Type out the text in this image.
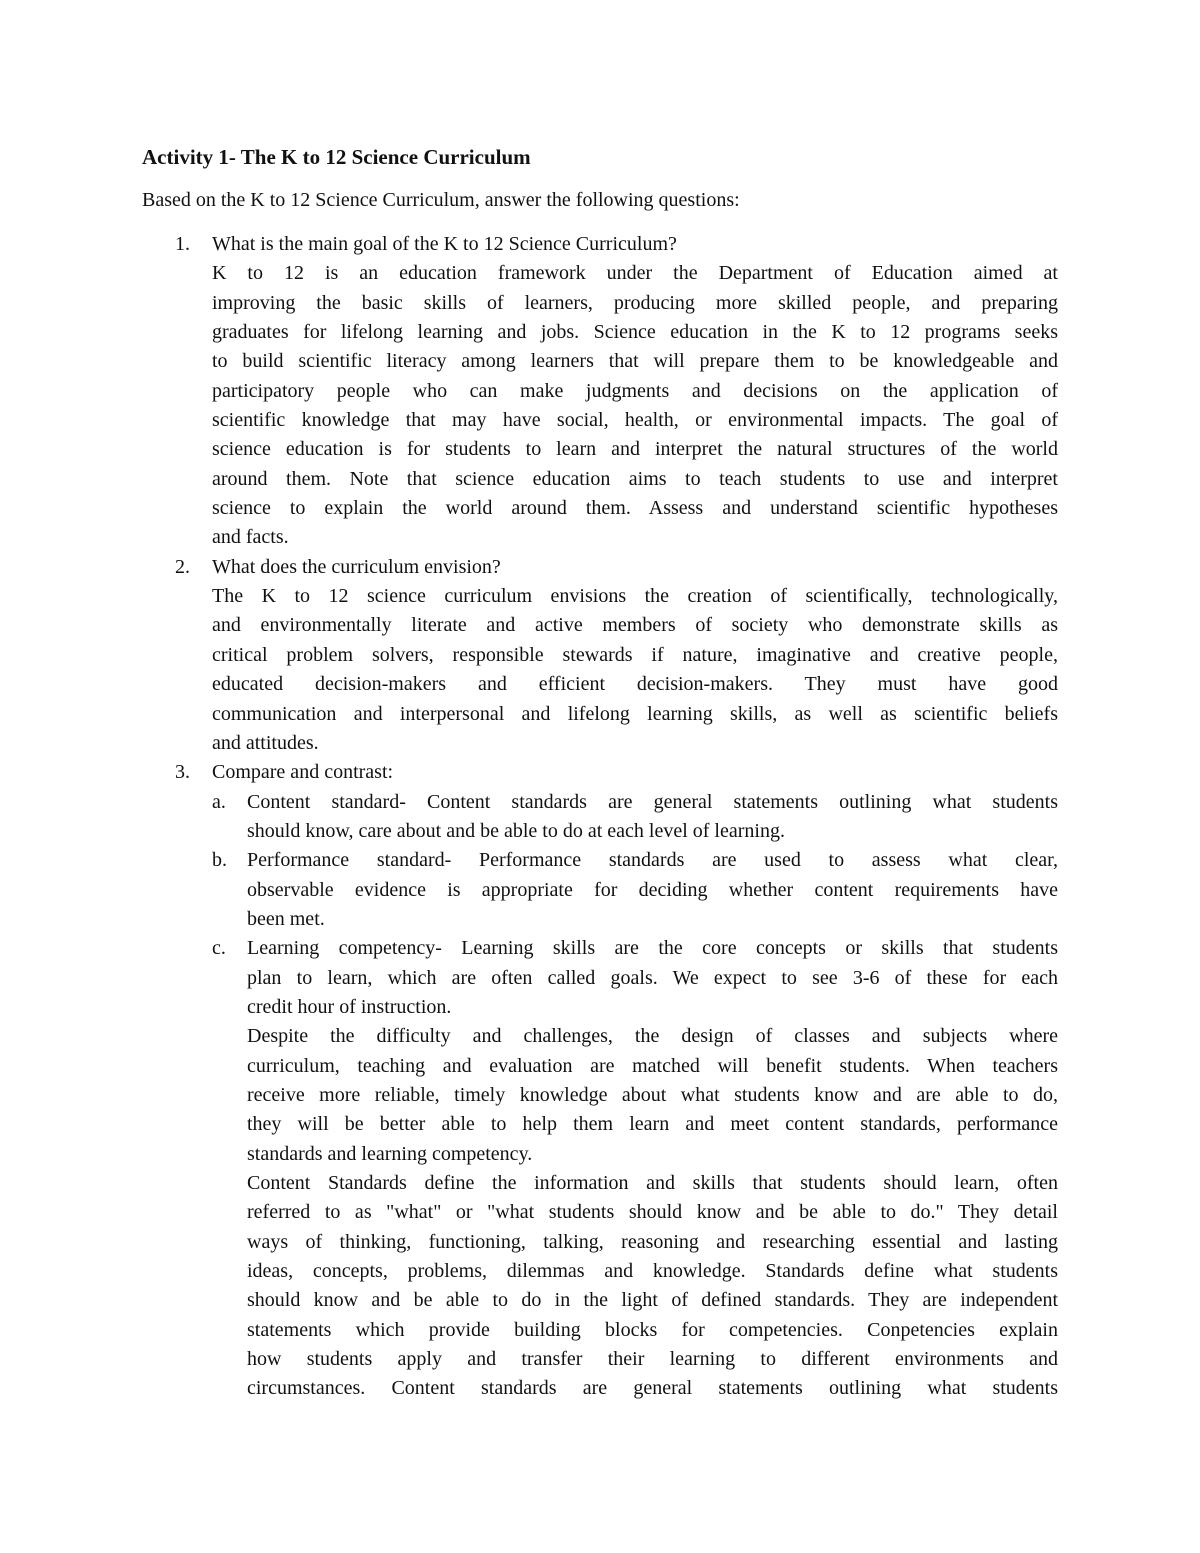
Activity 1- The K to 12 Science Curriculum
Based on the K to 12 Science Curriculum, answer the following questions:
1. What is the main goal of the K to 12 Science Curriculum?
K to 12 is an education framework under the Department of Education aimed at
improving the basic skills of learners, producing more skilled people, and preparing
graduates for lifelong learning and jobs. Science education in the K to 12 programs seeks
to build scientific literacy among learners that will prepare them to be knowledgeable and
participatory people who can make judgments and decisions on the application of
scientific knowledge that may have social, health, or environmental impacts. The goal of
science education is for students to learn and interpret the natural structures of the world
around them. Note that science education aims to teach students to use and interpret
science to explain the world around them. Assess and understand scientific hypotheses
and facts.
2. What does the curriculum envision?
The K to 12 science curriculum envisions the creation of scientifically, technologically,
and environmentally literate and active members of society who demonstrate skills as
critical problem solvers, responsible stewards if nature, imaginative and creative people,
educated decision-makers and efficient decision-makers. They must have good
communication and interpersonal and lifelong learning skills, as well as scientific beliefs
and attitudes.
3. Compare and contrast:
a. Content standard- Content standards are general statements outlining what students
should know, care about and be able to do at each level of learning.
b. Performance standard- Performance standards are used to assess what clear,
observable evidence is appropriate for deciding whether content requirements have
been met.
c. Learning competency- Learning skills are the core concepts or skills that students
plan to learn, which are often called goals. We expect to see 3-6 of these for each
credit hour of instruction.
Despite the difficulty and challenges, the design of classes and subjects where
curriculum, teaching and evaluation are matched will benefit students. When teachers
receive more reliable, timely knowledge about what students know and are able to do,
they will be better able to help them learn and meet content standards, performance
standards and learning competency.
Content Standards define the information and skills that students should learn, often
referred to as "what" or "what students should know and be able to do." They detail
ways of thinking, functioning, talking, reasoning and researching essential and lasting
ideas, concepts, problems, dilemmas and knowledge. Standards define what students
should know and be able to do in the light of defined standards. They are independent
statements which provide building blocks for competencies. Conpetencies explain
how students apply and transfer their learning to different environments and
circumstances. Content standards are general statements outlining what students
